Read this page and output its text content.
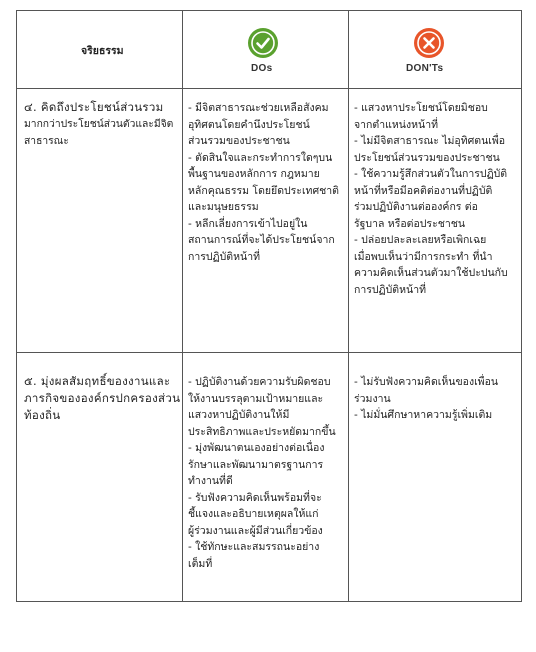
จริยธรรม
DOs	DON'Ts
๔. คิดถึงประโยชน์ส่วนรวม
มากกว่าประโยชน์ส่วนตัวและมีจิต
สาธารณะ
- มีจิตสาธารณะช่วยเหลือสังคม
อุทิศตนโดยคำนึงประโยชน์
ส่วนรวมของประชาชน
- ตัดสินใจและกระทำการใดๆบน
พื้นฐานของหลักการ กฎหมาย
หลักคุณธรรม โดยยึดประเทศชาติ
และมนุษยธรรม
- หลีกเลี่ยงการเข้าไปอยู่ใน
สถานการณ์ที่จะได้ประโยชน์จาก
การปฏิบัติหน้าที่
- แสวงหาประโยชน์โดยมิชอบ
จากตำแหน่งหน้าที่
- ไม่มีจิตสาธารณะ ไม่อุทิศตนเพื่อ
ประโยชน์ส่วนรวมของประชาชน
- ใช้ความรู้สึกส่วนตัวในการปฏิบัติ
หน้าที่หรือมีอคติต่องานที่ปฏิบัติ
ร่วมปฏิบัติงานต่อองค์กร ต่อ
รัฐบาล หรือต่อประชาชน
- ปล่อยปละละเลยหรือเพิกเฉย
เมื่อพบเห็นว่ามีการกระทำ ที่นำ
ความคิดเห็นส่วนตัวมาใช้ปะปนกับ
การปฏิบัติหน้าที่
๕. มุ่งผลสัมฤทธิ์ของงานและ
ภารกิจขององค์กรปกครองส่วน
ท้องถิ่น
- ปฏิบัติงานด้วยความรับผิดชอบ
ให้งานบรรลุตามเป้าหมายและ
แสวงหาปฏิบัติงานให้มี
ประสิทธิภาพและประหยัดมากขึ้น
- มุ่งพัฒนาตนเองอย่างต่อเนื่อง
รักษาและพัฒนามาตรฐานการ
ทำงานที่ดี
- รับฟังความคิดเห็นพร้อมที่จะ
ชี้แจงและอธิบายเหตุผลให้แก่
ผู้ร่วมงานและผู้มีส่วนเกี่ยวข้อง
- ใช้ทักษะและสมรรถนะอย่าง
เต็มที่
- ไม่รับฟังความคิดเห็นของเพื่อน
ร่วมงาน
- ไม่มั่นศึกษาหาความรู้เพิ่มเติม
